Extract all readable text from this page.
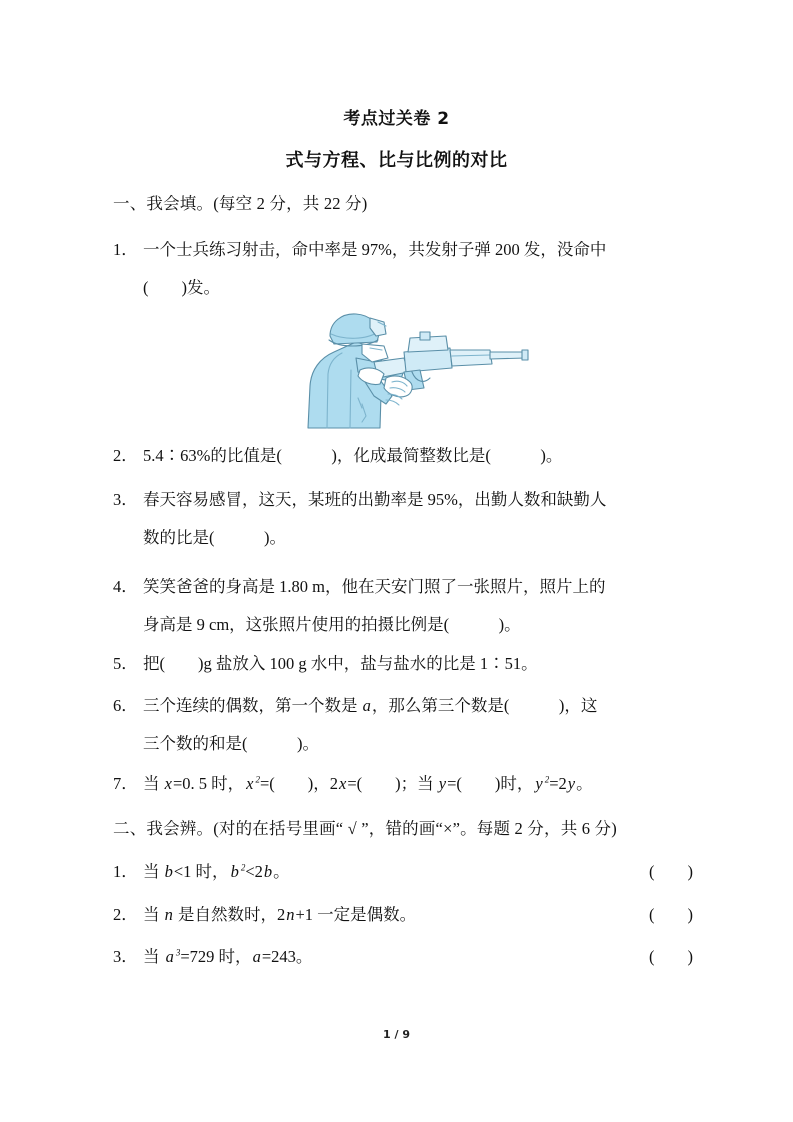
考点过关卷 2
式与方程、比与比例的对比
一、我会填。(每空 2 分，共 22 分)
1． 一个士兵练习射击，命中率是 97%，共发射子弹 200 发，没命中
(　　)发。
2． 5.4∶63%的比值是(　　　)，化成最简整数比是(　　　)。
3． 春天容易感冒，这天，某班的出勤率是 95%，出勤人数和缺勤人
数的比是(　　　)。
4． 笑笑爸爸的身高是 1.80 m，他在天安门照了一张照片，照片上的
身高是 9 cm，这张照片使用的拍摄比例是(　　　)。
5． 把(　　)g 盐放入 100 g 水中，盐与盐水的比是 1∶51。
6． 三个连续的偶数，第一个数是 a，那么第三个数是(　　　)，这
三个数的和是(　　　)。
7． 当 x=0. 5 时， x $^2$=(　　)，2x=(　　)；当 y=(　　)时， y $^2$=2y。
二、我会辨。(对的在括号里画“ √ ”，错的画“×”。每题 2 分，共 6 分)
1． 当 b<1 时， b $^2$<2b。	(　　)
2． 当 n 是自然数时，2n+1 一定是偶数。	(　　)
3． 当 a $^3$=729 时，a=243。	(　　)
1 / 9
